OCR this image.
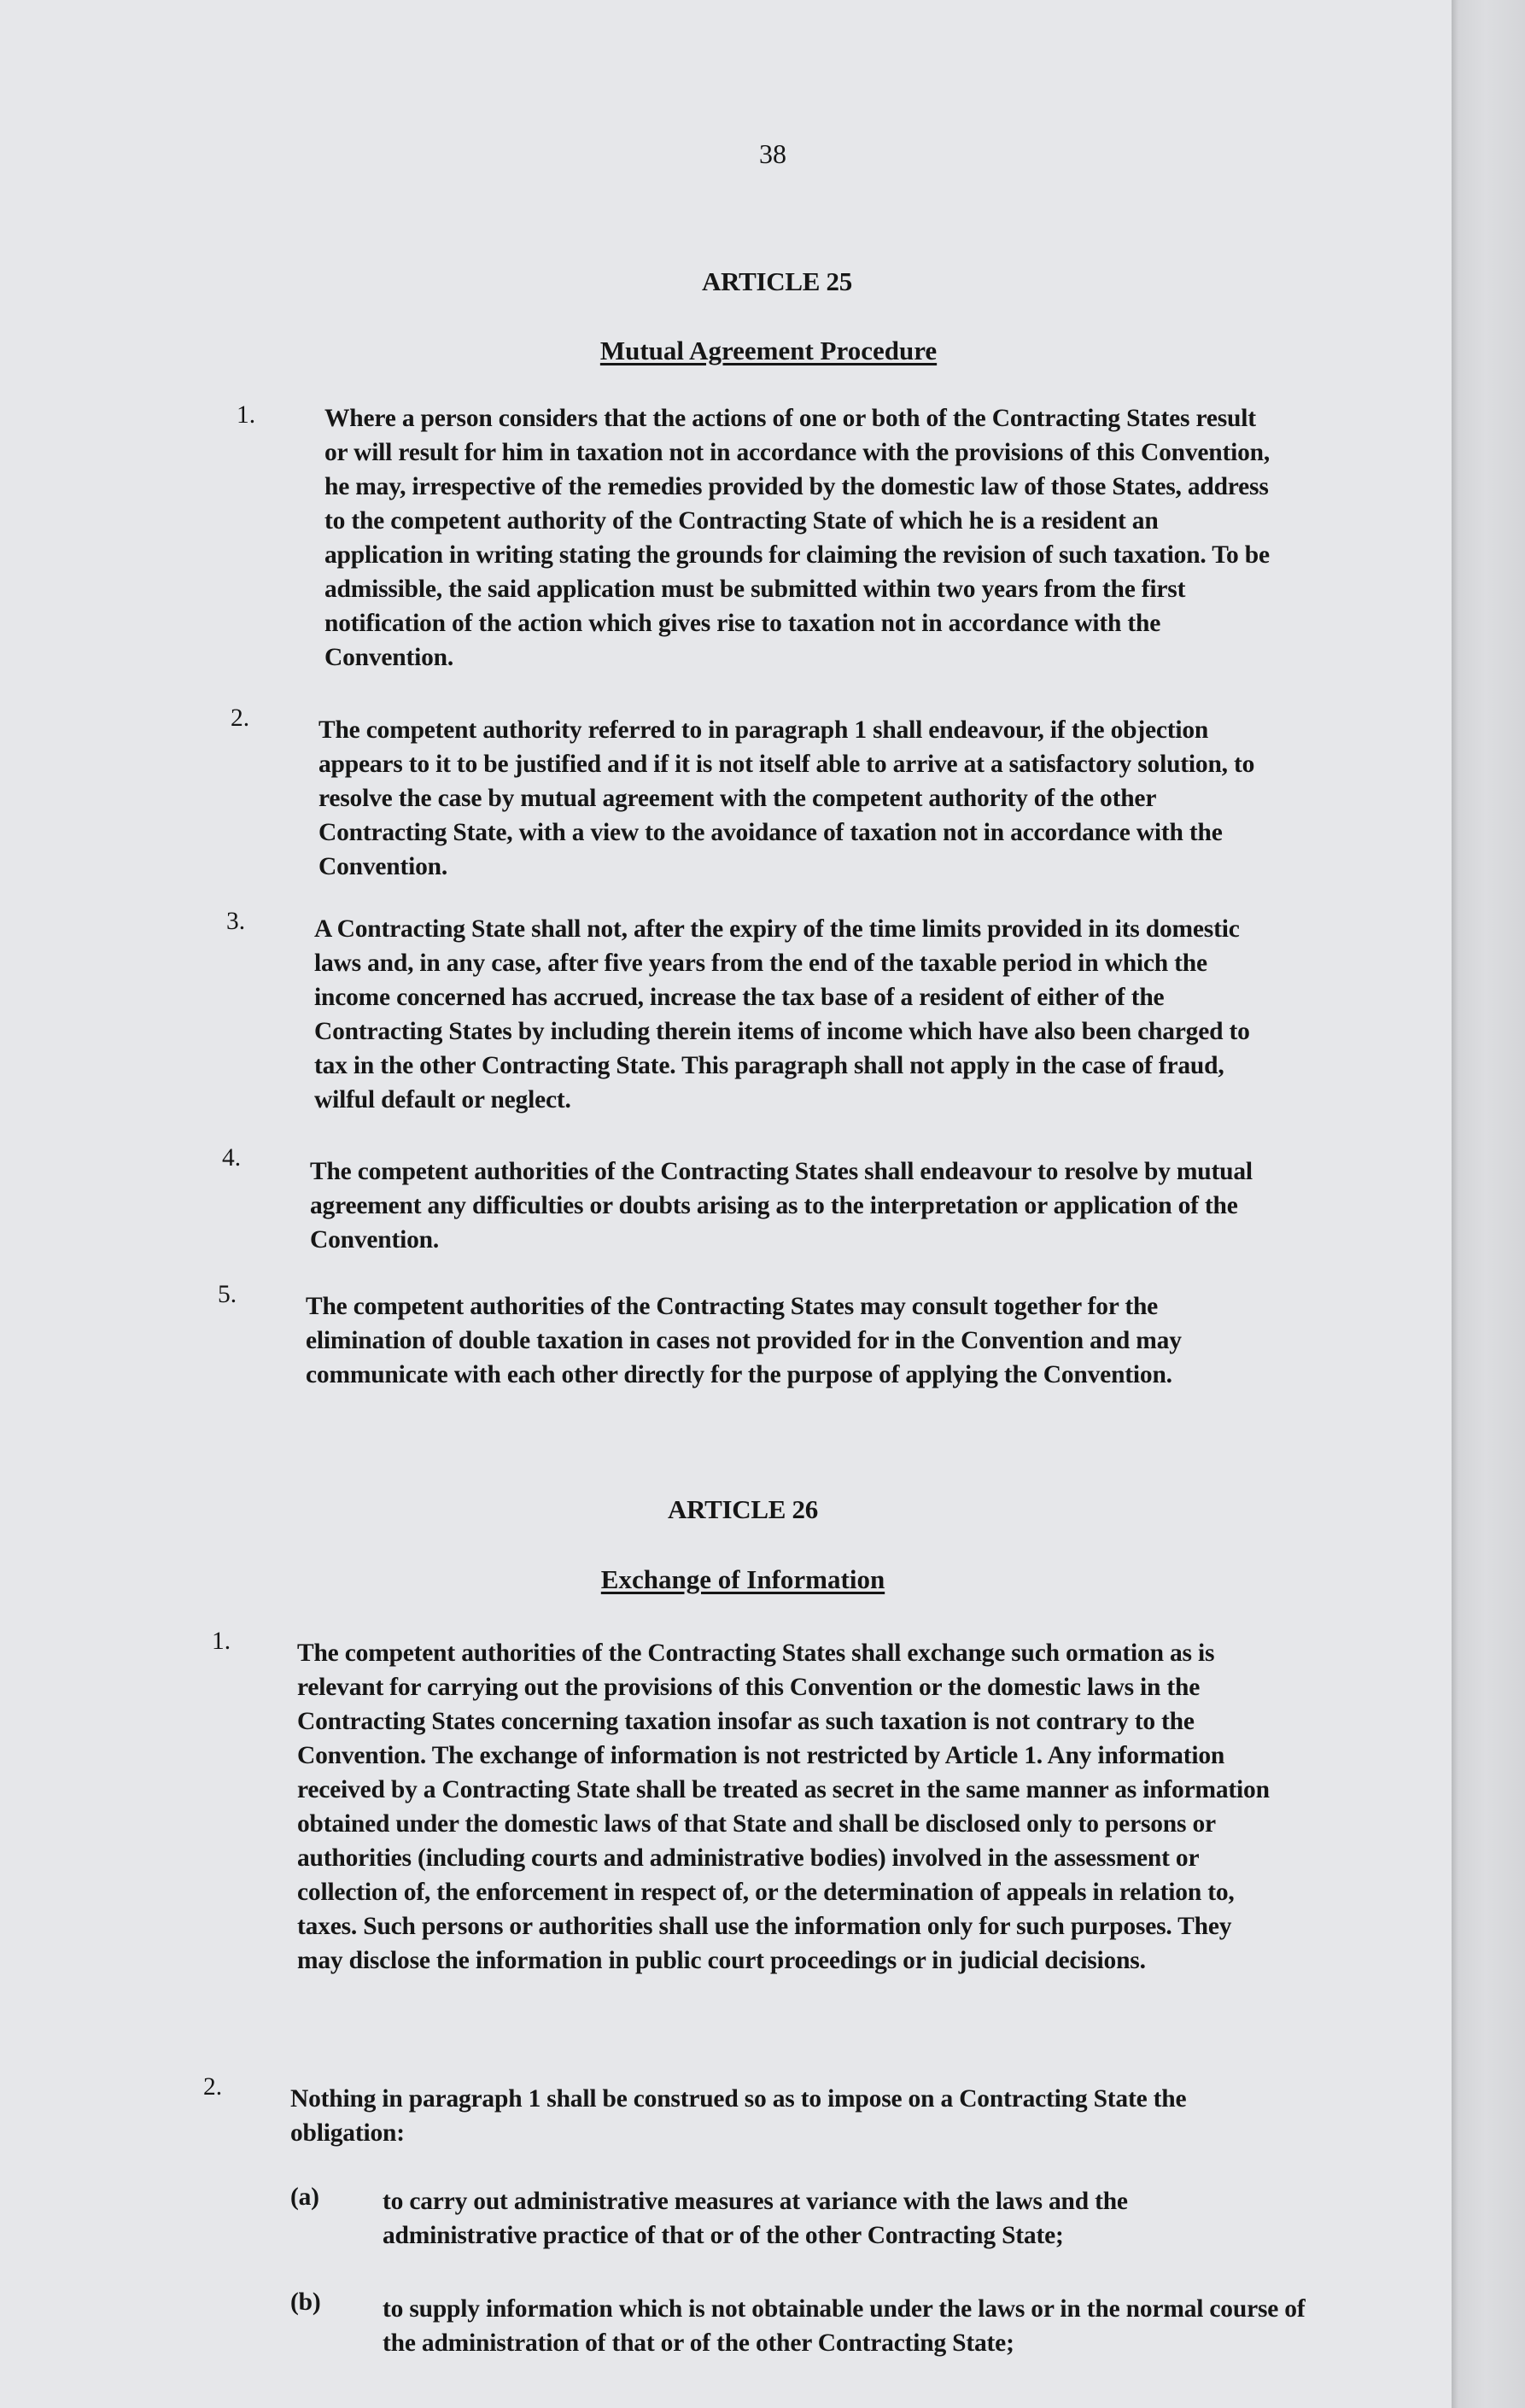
38
ARTICLE 25
Mutual Agreement Procedure
1.	Where a person considers that the actions of one or both of the Contracting States result or will result for him in taxation not in accordance with the provisions of this Convention, he may, irrespective of the remedies provided by the domestic law of those States, address to the competent authority of the Contracting State of which he is a resident an application in writing stating the grounds for claiming the revision of such taxation. To be admissible, the said application must be submitted within two years from the first notification of the action which gives rise to taxation not in accordance with the Convention.
2.	The competent authority referred to in paragraph 1 shall endeavour, if the objection appears to it to be justified and if it is not itself able to arrive at a satisfactory solution, to resolve the case by mutual agreement with the competent authority of the other Contracting State, with a view to the avoidance of taxation not in accordance with the Convention.
3.	A Contracting State shall not, after the expiry of the time limits provided in its domestic laws and, in any case, after five years from the end of the taxable period in which the income concerned has accrued, increase the tax base of a resident of either of the Contracting States by including therein items of income which have also been charged to tax in the other Contracting State. This paragraph shall not apply in the case of fraud, wilful default or neglect.
4.	The competent authorities of the Contracting States shall endeavour to resolve by mutual agreement any difficulties or doubts arising as to the interpretation or application of the Convention.
5.	The competent authorities of the Contracting States may consult together for the elimination of double taxation in cases not provided for in the Convention and may communicate with each other directly for the purpose of applying the Convention.
ARTICLE 26
Exchange of Information
1.	The competent authorities of the Contracting States shall exchange such ormation as is relevant for carrying out the provisions of this Convention or the domestic laws in the Contracting States concerning taxation insofar as such taxation is not contrary to the Convention. The exchange of information is not restricted by Article 1. Any information received by a Contracting State shall be treated as secret in the same manner as information obtained under the domestic laws of that State and shall be disclosed only to persons or authorities (including courts and administrative bodies) involved in the assessment or collection of, the enforcement in respect of, or the determination of appeals in relation to, taxes. Such persons or authorities shall use the information only for such purposes. They may disclose the information in public court proceedings or in judicial decisions.
2.	Nothing in paragraph 1 shall be construed so as to impose on a Contracting State the obligation:
(a)	to carry out administrative measures at variance with the laws and the administrative practice of that or of the other Contracting State;
(b) to supply information which is not obtainable under the laws or in the normal course of the administration of that or of the other Contracting State;
